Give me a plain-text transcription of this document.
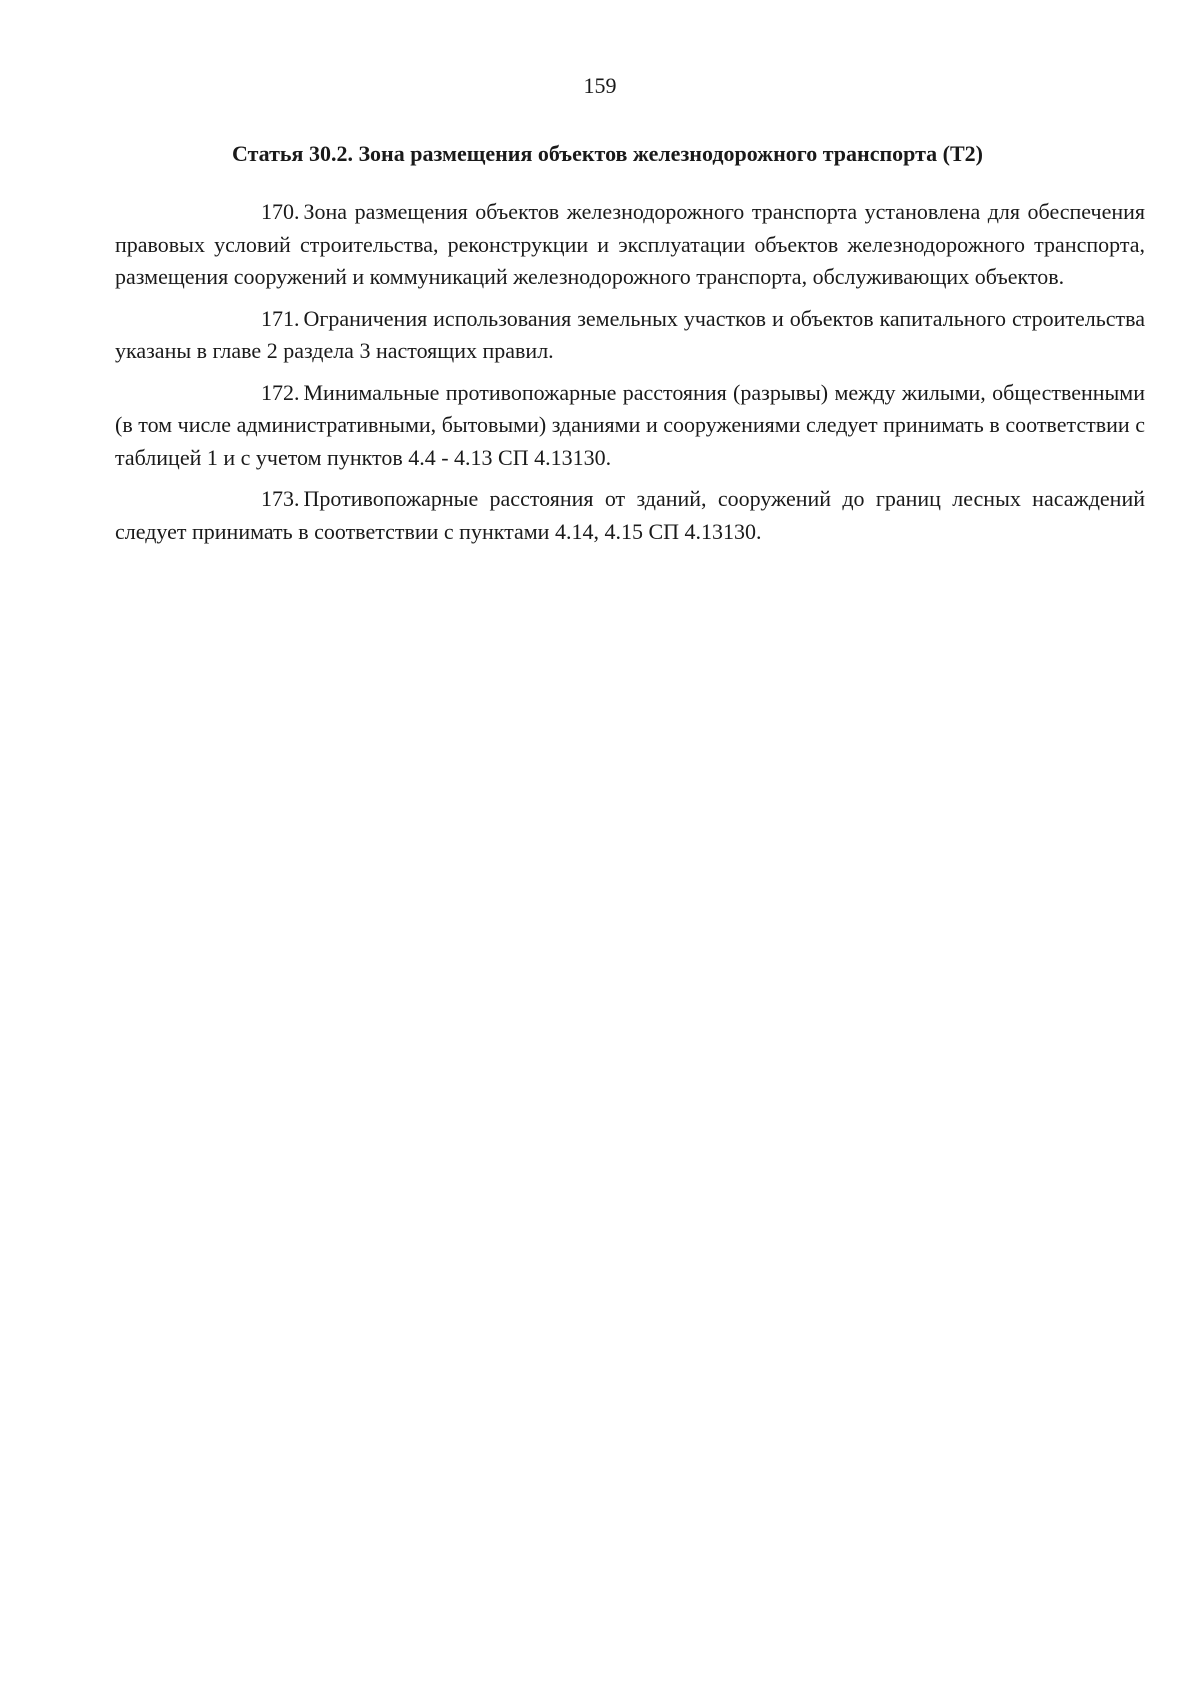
159
Статья 30.2. Зона размещения объектов железнодорожного транспорта (Т2)

170. Зона размещения объектов железнодорожного транспорта установлена для обеспечения правовых условий строительства, реконструкции и эксплуатации объектов железнодорожного транспорта, размещения сооружений и коммуникаций железнодорожного транспорта, обслуживающих объектов.

171. Ограничения использования земельных участков и объектов капитального строительства указаны в главе 2 раздела 3 настоящих правил.

172. Минимальные противопожарные расстояния (разрывы) между жилыми, общественными (в том числе административными, бытовыми) зданиями и сооружениями следует принимать в соответствии с таблицей 1 и с учетом пунктов 4.4 - 4.13 СП 4.13130.

173. Противопожарные расстояния от зданий, сооружений до границ лесных насаждений следует принимать в соответствии с пунктами 4.14, 4.15 СП 4.13130.
